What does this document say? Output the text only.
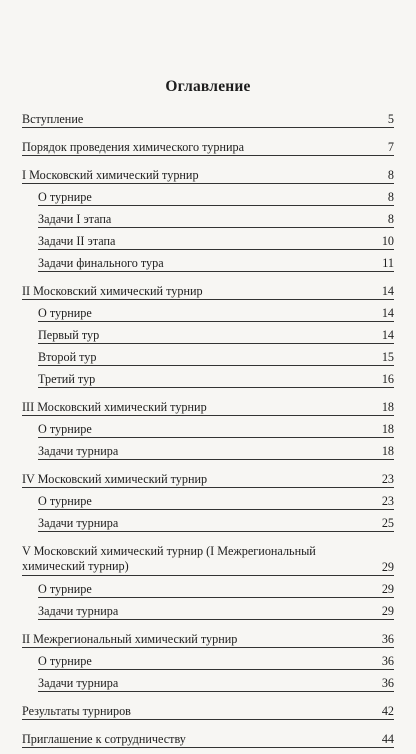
Оглавление
Вступление	5
Порядок проведения химического турнира	7
I Московский химический турнир	8
О турнире	8
Задачи I этапа	8
Задачи II этапа	10
Задачи финального тура	11
II Московский химический турнир	14
О турнире	14
Первый тур	14
Второй тур	15
Третий тур	16
III Московский химический турнир	18
О турнире	18
Задачи турнира	18
IV Московский химический турнир	23
О турнире	23
Задачи турнира	25
V Московский химический турнир (I Межрегиональный химический турнир)	29
О турнире	29
Задачи турнира	29
II Межрегиональный химический турнир	36
О турнире	36
Задачи турнира	36
Результаты турниров	42
Приглашение к сотрудничеству	44
